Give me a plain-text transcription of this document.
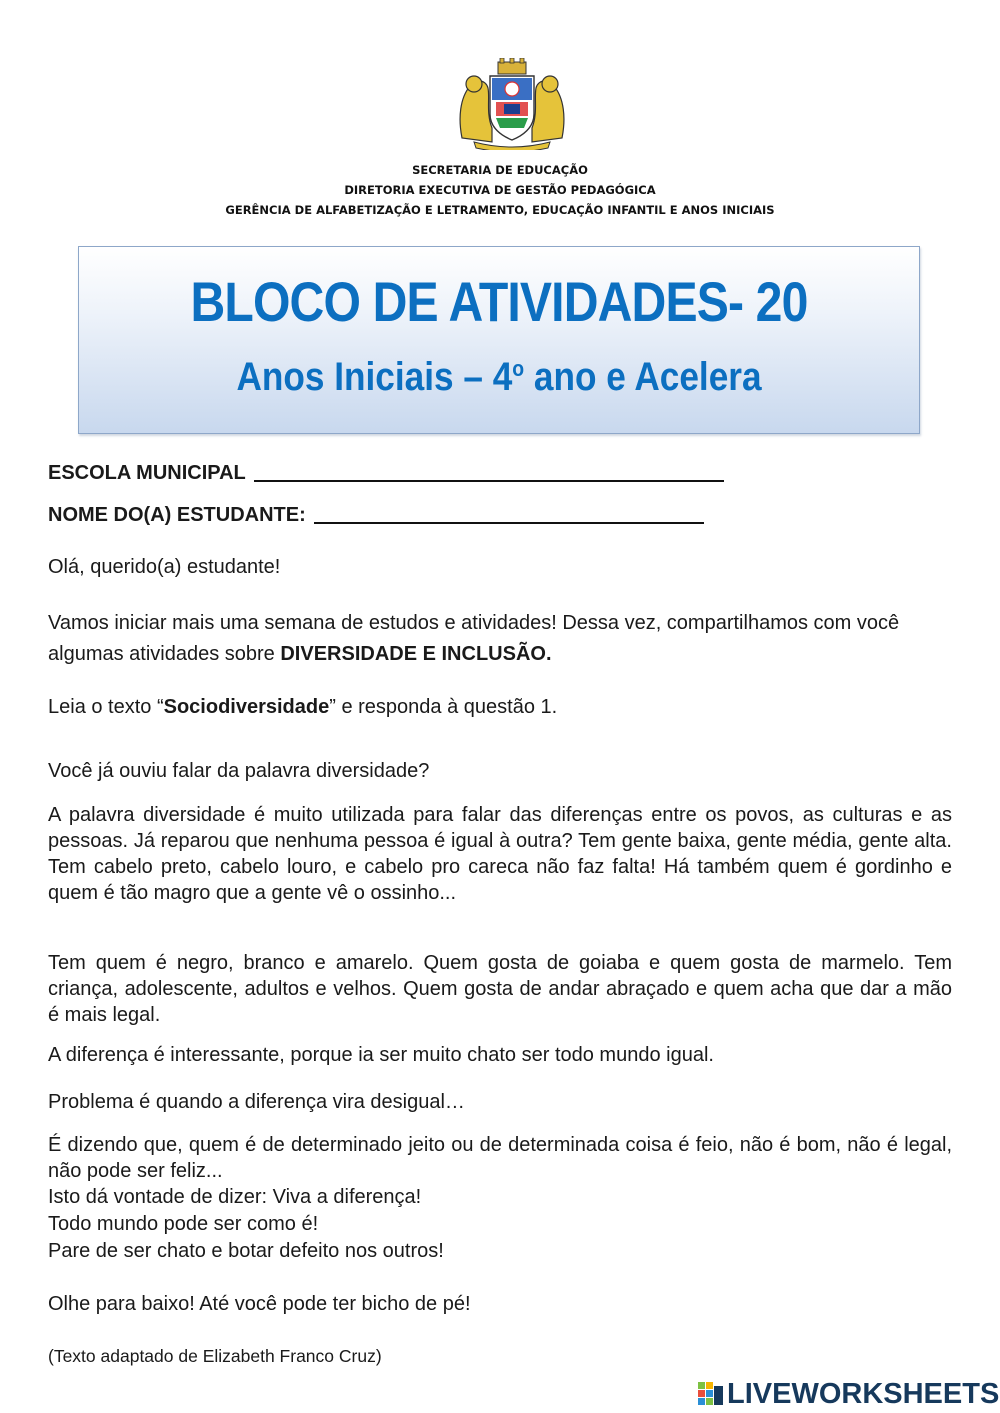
SECRETARIA DE EDUCAÇÃO
DIRETORIA EXECUTIVA DE GESTÃO PEDAGÓGICA
GERÊNCIA DE ALFABETIZAÇÃO E LETRAMENTO, EDUCAÇÃO INFANTIL E ANOS INICIAIS
BLOCO DE ATIVIDADES- 20
Anos Iniciais – 4$^o$ ano e Acelera
ESCOLA MUNICIPAL
NOME DO(A) ESTUDANTE:

Olá, querido(a) estudante!

Vamos iniciar mais uma semana de estudos e atividades! Dessa vez, compartilhamos com você algumas atividades sobre DIVERSIDADE E INCLUSÃO.

Leia o texto “Sociodiversidade” e responda à questão 1.

Você já ouviu falar da palavra diversidade?

A palavra diversidade é muito utilizada para falar das diferenças entre os povos, as culturas e as pessoas. Já reparou que nenhuma pessoa é igual à outra? Tem gente baixa, gente média, gente alta. Tem cabelo preto, cabelo louro, e cabelo pro careca não faz falta! Há também quem é gordinho e quem é tão magro que a gente vê o ossinho...

Tem quem é negro, branco e amarelo. Quem gosta de goiaba e quem gosta de marmelo. Tem criança, adolescente, adultos e velhos. Quem gosta de andar abraçado e quem acha que dar a mão é mais legal.

A diferença é interessante, porque ia ser muito chato ser todo mundo igual.

Problema é quando a diferença vira desigual…

É dizendo que, quem é de determinado jeito ou de determinada coisa é feio, não é bom, não é legal, não pode ser feliz...

Isto dá vontade de dizer: Viva a diferença!

Todo mundo pode ser como é!

Pare de ser chato e botar defeito nos outros!

Olhe para baixo! Até você pode ter bicho de pé!

(Texto adaptado de Elizabeth Franco Cruz)
LIVEWORKSHEETS
